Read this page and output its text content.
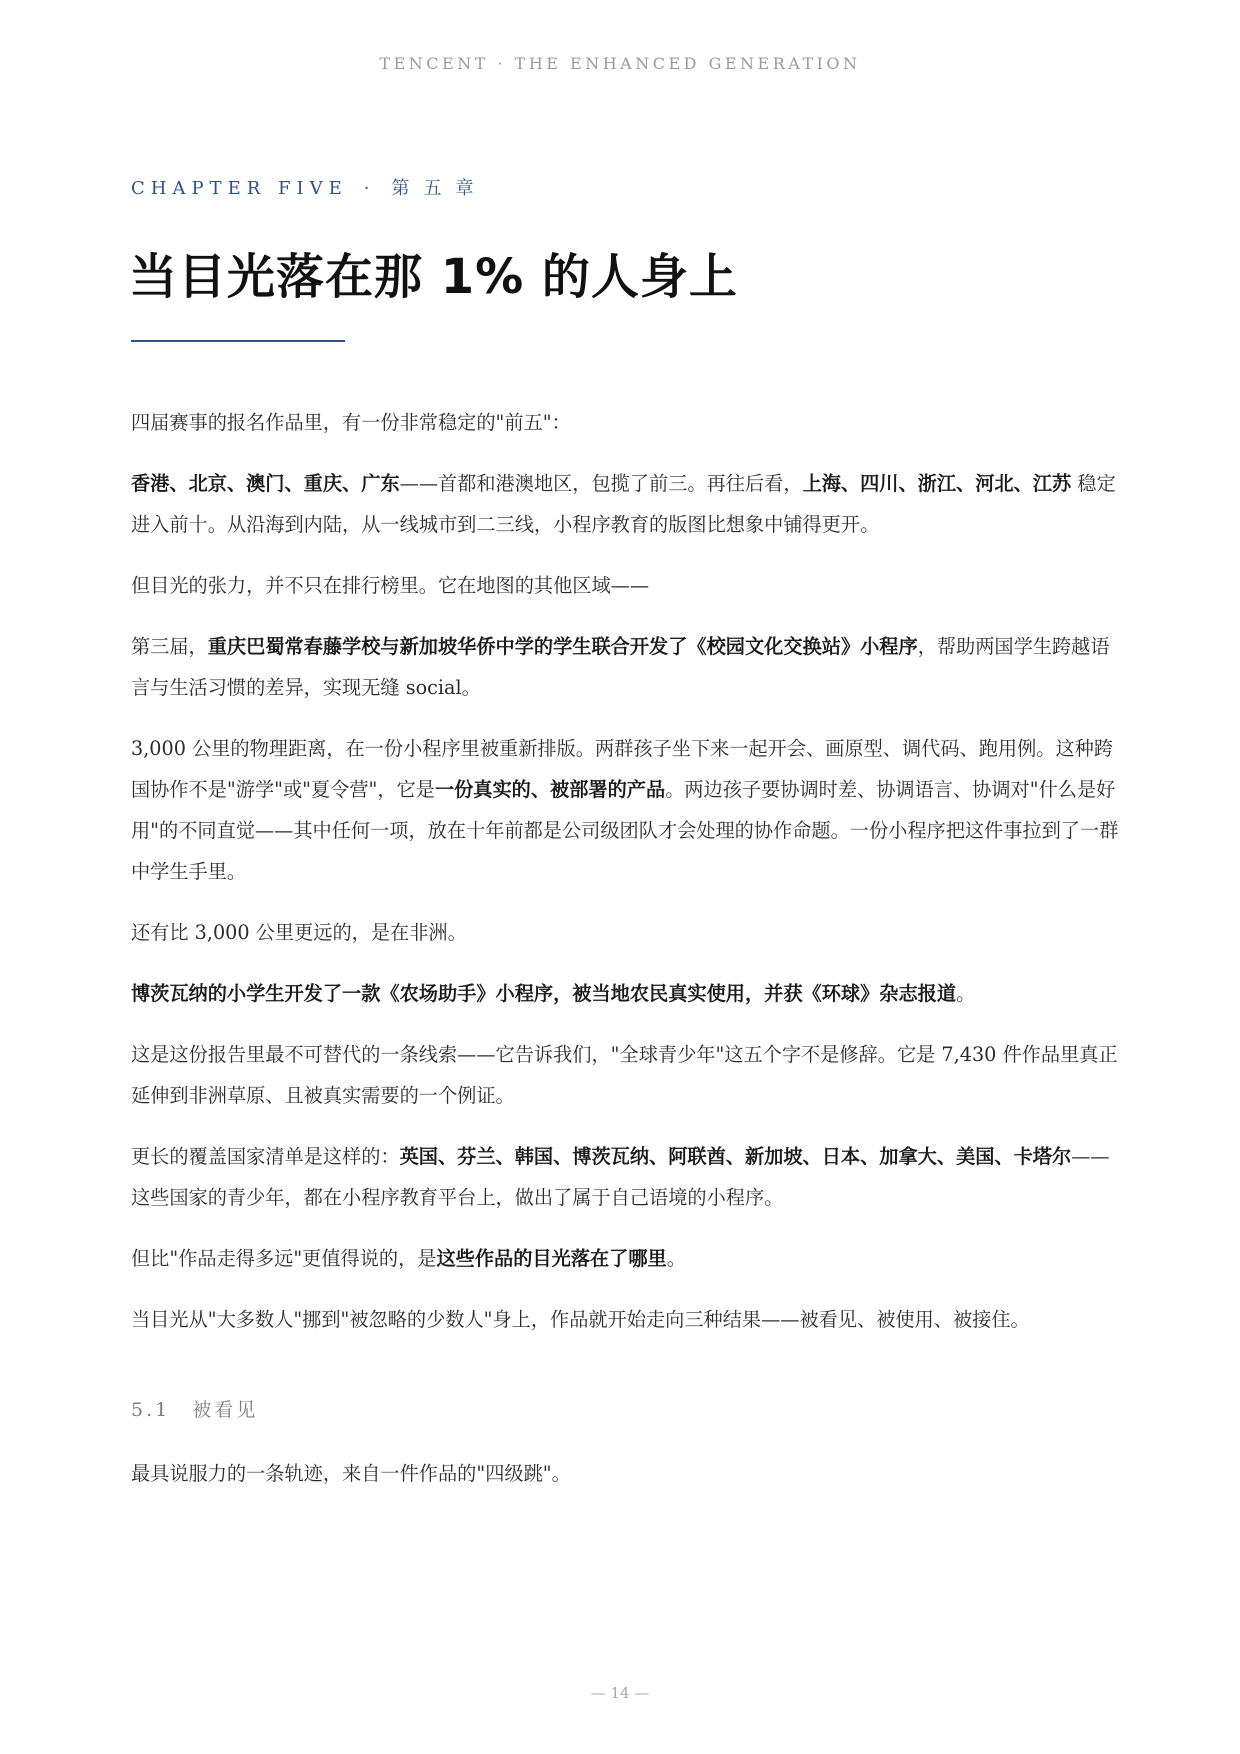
TENCENT · THE ENHANCED GENERATION
CHAPTER FIVE · 第五章
当目光落在那 1% 的人身上

四届赛事的报名作品里，有一份非常稳定的"前五"：

香港、北京、澳门、重庆、广东——首都和港澳地区，包揽了前三。再往后看，上海、四川、浙江、河北、江苏 稳定进入前十。从沿海到内陆，从一线城市到二三线，小程序教育的版图比想象中铺得更开。

但目光的张力，并不只在排行榜里。它在地图的其他区域——

第三届，重庆巴蜀常春藤学校与新加坡华侨中学的学生联合开发了《校园文化交换站》小程序，帮助两国学生跨越语言与生活习惯的差异，实现无缝 social。

3,000 公里的物理距离，在一份小程序里被重新排版。两群孩子坐下来一起开会、画原型、调代码、跑用例。这种跨国协作不是"游学"或"夏令营"，它是一份真实的、被部署的产品。两边孩子要协调时差、协调语言、协调对"什么是好用"的不同直觉——其中任何一项，放在十年前都是公司级团队才会处理的协作命题。一份小程序把这件事拉到了一群中学生手里。

还有比 3,000 公里更远的，是在非洲。

博茨瓦纳的小学生开发了一款《农场助手》小程序，被当地农民真实使用，并获《环球》杂志报道。

这是这份报告里最不可替代的一条线索——它告诉我们，"全球青少年"这五个字不是修辞。它是 7,430 件作品里真正延伸到非洲草原、且被真实需要的一个例证。

更长的覆盖国家清单是这样的：英国、芬兰、韩国、博茨瓦纳、阿联酋、新加坡、日本、加拿大、美国、卡塔尔——这些国家的青少年，都在小程序教育平台上，做出了属于自己语境的小程序。

但比"作品走得多远"更值得说的，是这些作品的目光落在了哪里。

当目光从"大多数人"挪到"被忽略的少数人"身上，作品就开始走向三种结果——被看见、被使用、被接住。

5.1 被看见

最具说服力的一条轨迹，来自一件作品的"四级跳"。

— 14 —
